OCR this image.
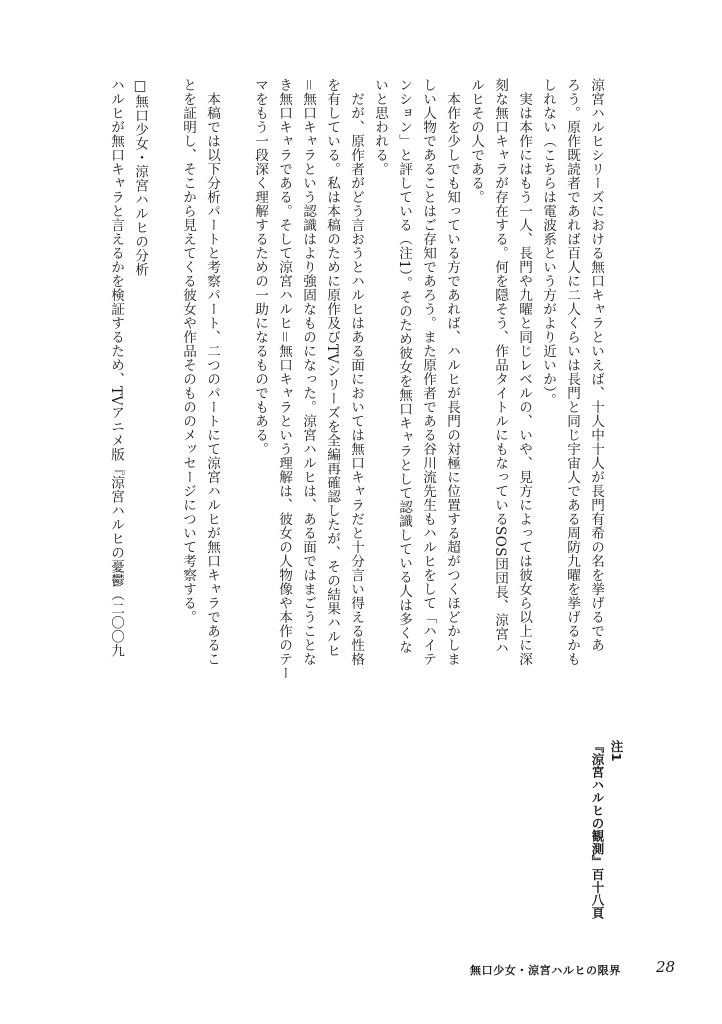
涼宮ハルヒシリーズにおける無口キャラといえば、十人中十人が長門有希の名を挙げるであ
ろう。原作既読者であれば百人に二人くらいは長門と同じ宇宙人である周防九曜を挙げるかも
しれない（こちらは電波系という方がより近いか）。
　実は本作にはもう一人、長門や九曜と同じレベルの、いや、見方によっては彼女ら以上に深
刻な無口キャラが存在する。何を隠そう、作品タイトルにもなっているSOS団団長、涼宮ハ
ルヒその人である。
　本作を少しでも知っている方であれば、ハルヒが長門の対極に位置する超がつくほどかしま
しい人物であることはご存知であろう。また原作者である谷川流先生もハルヒをして「ハイテ
ンション」と評している（注1）。そのため彼女を無口キャラとして認識している人は多くな
いと思われる。
　だが、原作者がどう言おうとハルヒはある面においては無口キャラだと十分言い得える性格
を有している。私は本稿のために原作及びTVシリーズを全編再確認したが、その結果ハルヒ
＝無口キャラという認識はより強固なものになった。涼宮ハルヒは、ある面ではまごうことな
き無口キャラである。そして涼宮ハルヒ＝無口キャラという理解は、彼女の人物像や本作のテー
マをもう一段深く理解するための一助になるものでもある。
　本稿では以下分析パートと考察パート、二つのパートにて涼宮ハルヒが無口キャラであるこ
とを証明し、そこから見えてくる彼女や作品そのもののメッセージについて考察する。
□無口少女・涼宮ハルヒの分析
ハルヒが無口キャラと言えるかを検証するため、TVアニメ版『涼宮ハルヒの憂鬱（二〇〇九
注1
『涼宮ハルヒの観測』百十八頁
無口少女・涼宮ハルヒの限界 28
